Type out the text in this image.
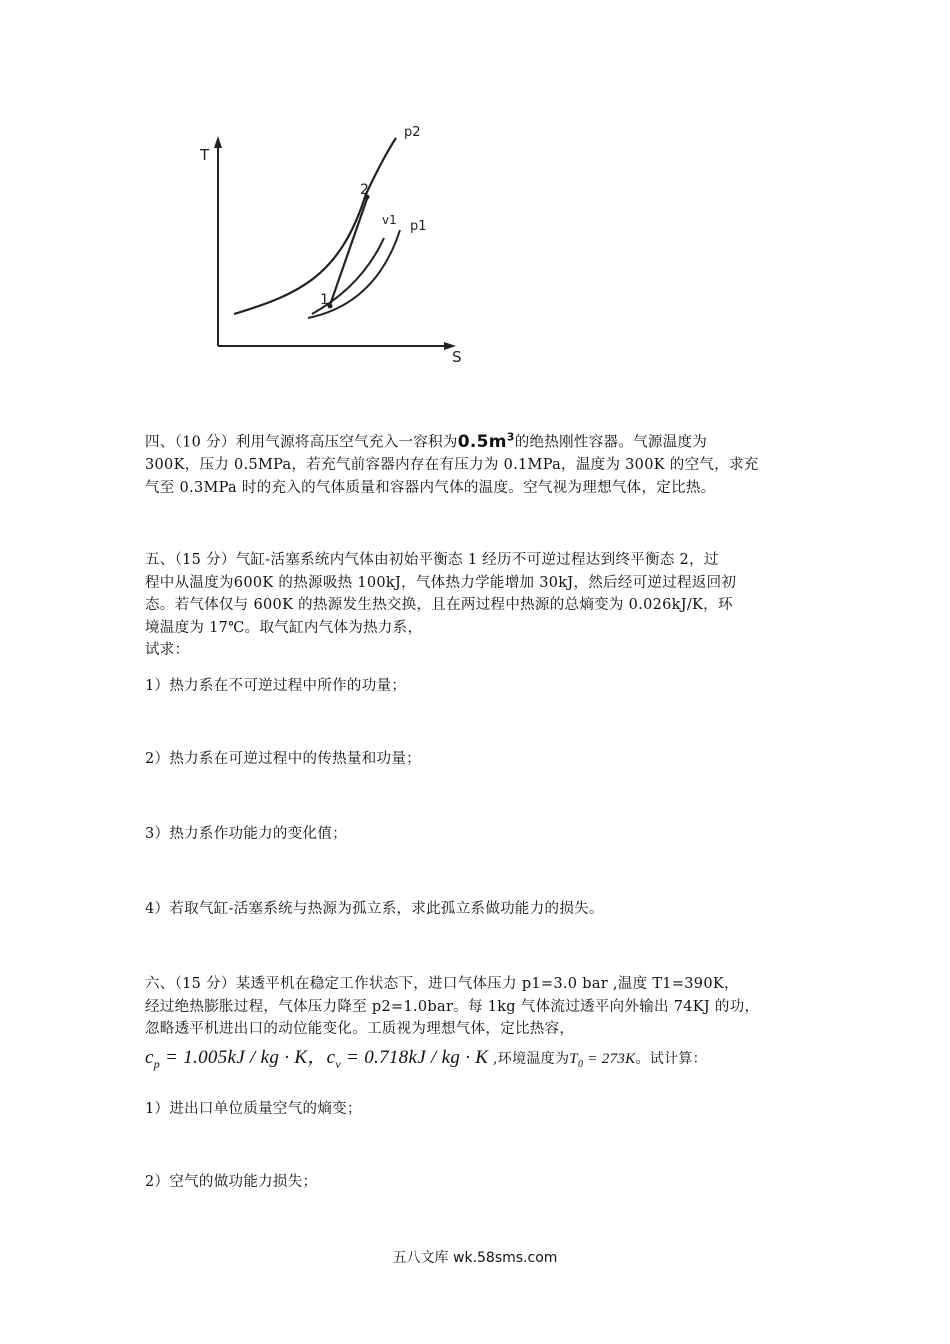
T
S
p2
v1 p1
1
2
四、（10 分）利用气源将高压空气充入一容积为$0.5m^3$的绝热刚性容器。气源温度为
300K，压力 0.5MPa，若充气前容器内存在有压力为 0.1MPa，温度为 300K 的空气，求充
气至 0.3MPa 时的充入的气体质量和容器内气体的温度。空气视为理想气体，定比热。
五、（15 分）气缸-活塞系统内气体由初始平衡态 1 经历不可逆过程达到终平衡态 2，过
程中从温度为600K 的热源吸热 100kJ，气体热力学能增加 30kJ，然后经可逆过程返回初
态。若气体仅与 600K 的热源发生热交换，且在两过程中热源的总熵变为 0.026kJ/K，环
境温度为 17℃。取气缸内气体为热力系，
试求：
1）热力系在不可逆过程中所作的功量；
2）热力系在可逆过程中的传热量和功量；
3）热力系作功能力的变化值；
4）若取气缸-活塞系统与热源为孤立系，求此孤立系做功能力的损失。
六、（15 分）某透平机在稳定工作状态下，进口气体压力 p1=3.0 bar ,温度 T1=390K，
经过绝热膨胀过程，气体压力降至 p2=1.0bar。每 1kg 气体流过透平向外输出 74KJ 的功，
忽略透平机进出口的动位能变化。工质视为理想气体，定比热容，
$c_p = 1.005kJ$ / kg · K，$c_v = 0.718kJ$ / kg · K ,环境温度为$T_0 = 273K$。试计算：
1）进出口单位质量空气的熵变；
2）空气的做功能力损失；
五八文库 wk.58sms.com
